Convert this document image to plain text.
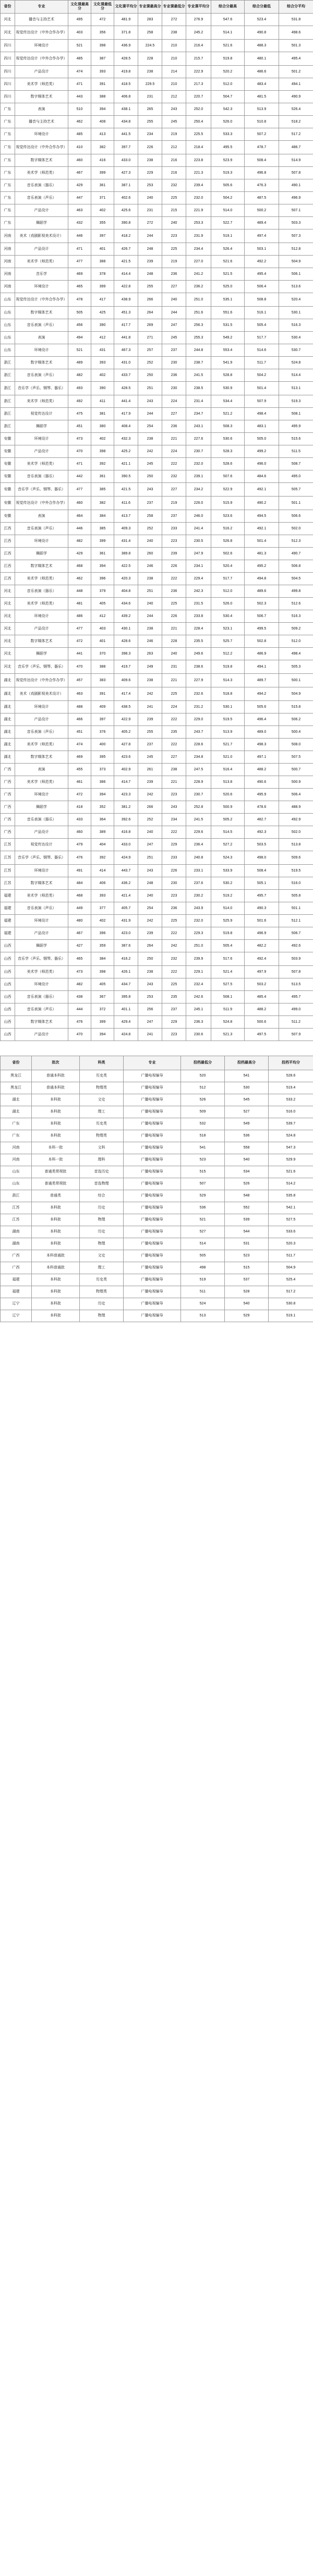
省份	专业	文化课最高分	文化课最低分	文化课平均分	专业课最高分	专业课最低分	专业课平均分	综合分最高	综合分最低	综合分平均
河北	播音与主持艺术	495	472	481.9	283	272	276.9	547.6	523.4	531.8
河北	视觉传达设计（中外合作办学）	403	356	371.8	258	238	245.2	514.1	490.8	498.6
四川	环境设计	521	398	436.9	224.5	210	216.4	521.6	488.3	501.3
四川	视觉传达设计（中外合作办学）	485	387	428.5	228	210	215.7	519.8	480.1	495.4
四川	产品设计	474	393	419.8	238	214	222.9	520.2	486.6	501.2
四川	美术学（师范类）	471	391	418.5	229.5	210	217.3	512.0	483.4	494.1
四川	数字媒体艺术	443	388	406.8	231	212	220.7	504.7	481.5	490.9
广东	表演	510	394	438.1	265	243	252.0	542.3	513.9	526.4
广东	播音与主持艺术	462	408	434.8	255	245	250.4	526.0	510.8	518.2
广东	环境设计	485	413	441.5	234	219	225.5	533.3	507.2	517.2
广东	视觉传达设计（中外合作办学）	410	382	397.7	226	212	218.4	495.5	478.7	486.7
广东	数字媒体艺术	460	416	433.0	238	216	223.8	523.9	508.4	514.9
广东	美术学（师范类）	467	399	427.3	229	216	221.3	519.3	496.8	507.8
广东	音乐表演（器乐）	429	361	387.1	253	232	239.4	505.6	476.3	490.1
广东	音乐表演（声乐）	447	371	402.6	240	225	232.0	504.2	487.5	496.9
广东	产品设计	463	402	425.6	231	215	221.9	514.0	500.2	507.1
广东	舞蹈学	432	355	390.8	272	240	253.3	522.7	489.4	503.3
河南	美术（戏剧影视美术设计）	446	397	418.2	244	223	231.9	519.1	497.4	507.3
河南	产品设计	471	401	426.7	248	225	234.4	526.4	503.1	512.8
河南	美术学（师范类）	477	388	421.5	239	219	227.0	521.6	492.2	504.9
河南	音乐学	469	378	414.4	248	236	241.2	521.5	495.4	506.1
河南	环境设计	465	399	422.8	255	227	236.2	525.0	506.4	513.6
山东	视觉传达设计（中外合作办学）	478	417	438.9	266	240	251.0	535.1	508.8	520.4
山东	数字媒体艺术	505	425	451.3	264	244	251.6	551.6	516.1	530.1
山东	音乐表演（声乐）	456	390	417.7	269	247	256.3	531.5	505.4	516.3
山东	表演	494	412	441.8	271	245	255.3	549.2	517.7	530.4
山东	环境设计	521	431	467.3	257	237	244.8	553.4	514.6	530.7
浙江	数字媒体艺术	489	393	431.0	252	230	238.7	541.9	511.7	524.8
浙江	音乐表演（声乐）	482	402	433.7	250	236	241.5	528.8	504.2	514.4
浙江	音乐学（声乐、钢琴、器乐）	493	390	428.5	251	230	238.5	530.9	501.4	513.1
浙江	美术学（师范类）	492	411	441.4	243	224	231.4	534.4	507.9	519.3
浙江	视觉传达设计	475	381	417.9	244	227	234.7	521.2	498.4	508.1
浙江	舞蹈学	451	380	408.4	254	236	243.1	508.3	483.1	495.9
安徽	环境设计	473	402	432.3	238	221	227.6	530.6	505.0	515.6
安徽	产品设计	470	398	425.2	242	224	230.7	528.3	499.2	511.5
安徽	美术学（师范类）	471	392	421.1	245	222	232.0	528.6	496.0	508.7
安徽	音乐表演（器乐）	442	361	390.5	250	232	239.1	507.6	484.6	495.0
安徽	音乐学（声乐、钢琴、器乐）	477	385	421.5	243	227	234.2	522.9	492.1	505.7
安徽	视觉传达设计（中外合作办学）	460	382	411.6	237	219	226.0	515.9	490.2	501.1
安徽	表演	464	384	413.7	258	237	246.0	523.6	494.5	506.6
江西	音乐表演（声乐）	446	385	409.3	252	233	241.4	516.2	492.1	502.0
江西	环境设计	482	399	431.4	240	223	230.5	526.8	501.4	512.3
江西	舞蹈学	429	361	389.8	260	239	247.9	502.6	481.3	490.7
江西	数字媒体艺术	468	394	422.5	246	226	234.1	520.4	495.2	506.8
江西	美术学（师范类）	462	396	420.3	238	222	229.4	517.7	494.8	504.5
河北	音乐表演（器乐）	448	379	404.8	251	236	242.3	512.0	489.6	499.8
河北	美术学（师范类）	481	405	434.6	240	225	231.5	526.0	502.3	512.6
河北	环境设计	486	412	439.2	244	226	233.8	530.4	506.7	516.3
河北	产品设计	477	403	430.1	238	221	228.4	523.1	499.5	509.2
河北	数字媒体艺术	472	401	428.6	246	228	235.5	525.7	502.8	512.0
河北	舞蹈学	441	370	398.3	263	240	249.6	512.2	486.9	498.4
河北	音乐学（声乐、钢琴、器乐）	470	388	419.7	249	231	238.6	519.8	494.1	505.3
湖北	视觉传达设计（中外合作办学）	457	383	409.6	238	221	227.9	514.3	489.7	500.1
湖北	美术（戏剧影视美术设计）	463	391	417.4	242	225	232.6	518.8	494.2	504.9
湖北	环境设计	488	409	438.5	241	224	231.2	530.1	505.6	515.8
湖北	产品设计	466	397	422.9	239	222	229.0	519.5	496.4	506.2
湖北	音乐表演（声乐）	451	376	405.2	255	235	243.7	513.9	489.0	500.4
湖北	美术学（师范类）	474	400	427.8	237	222	228.6	521.7	498.3	508.0
湖北	数字媒体艺术	469	395	423.6	245	227	234.8	521.0	497.1	507.5
广西	表演	455	373	402.9	261	238	247.5	516.4	488.2	500.7
广西	美术学（师范类）	461	386	414.7	239	221	228.9	513.8	490.6	500.9
广西	环境设计	472	394	423.3	242	223	230.7	520.6	495.9	506.4
广西	舞蹈学	418	352	381.2	266	243	252.8	500.9	478.6	488.9
广西	音乐表演（器乐）	433	364	392.6	252	234	241.5	505.2	482.7	492.9
广西	产品设计	460	389	416.8	240	222	229.6	514.5	492.3	502.0
江苏	视觉传达设计	479	404	433.0	247	229	236.4	527.2	503.5	513.8
江苏	音乐学（声乐、钢琴、器乐）	476	392	424.9	251	233	240.8	524.3	498.0	509.6
江苏	环境设计	491	414	443.7	243	226	233.1	533.9	508.4	519.5
江苏	数字媒体艺术	484	406	436.2	248	230	237.6	530.2	505.1	516.0
福建	美术学（师范类）	468	393	421.4	240	223	230.2	519.2	495.7	505.8
福建	音乐表演（声乐）	449	377	405.7	254	236	243.9	514.0	490.3	501.1
福建	环境设计	480	402	431.9	242	225	232.0	525.9	501.6	512.1
福建	产品设计	467	396	423.0	239	222	229.3	519.8	496.9	506.7
山西	舞蹈学	427	359	387.6	264	242	251.0	505.4	482.2	492.6
山西	音乐学（声乐、钢琴、器乐）	465	384	416.2	250	232	239.9	517.6	492.4	503.9
山西	美术学（师范类）	473	398	426.1	238	222	229.1	521.4	497.9	507.8
山西	环境设计	482	405	434.7	243	225	232.4	527.5	503.2	513.5
山西	音乐表演（器乐）	438	367	395.8	253	235	242.6	508.1	485.4	495.7
山西	音乐表演（声乐）	444	372	401.1	256	237	245.1	511.9	488.2	499.0
山西	数字媒体艺术	476	399	429.4	247	229	236.3	524.8	500.6	511.2
山西	产品设计	470	394	424.8	241	223	230.6	521.3	497.5	507.9
省份	批次	科类	专业	投档最低分	投档最高分	投档平均分
黑龙江	普通本科批	历史类	广播电视编导	520	541	528.6
黑龙江	普通本科批	物理类	广播电视编导	512	530	519.4
湖北	本科批	文史	广播电视编导	526	545	533.2
湖北	本科批	理工	广播电视编导	509	527	516.0
广东	本科批	历史类	广播电视编导	532	549	539.7
广东	本科批	物理类	广播电视编导	518	536	524.8
河南	本科一批	文科	广播电视编导	541	558	547.3
河南	本科一批	理科	广播电视编导	523	540	529.9
山东	普通类常规批	首选历史	广播电视编导	515	534	521.6
山东	普通类常规批	首选物理	广播电视编导	507	526	514.2
浙江	普通类	综合	广播电视编导	529	548	535.8
江苏	本科批	历史	广播电视编导	536	552	542.1
江苏	本科批	物理	广播电视编导	521	539	527.5
湖南	本科批	历史	广播电视编导	527	544	533.6
湖南	本科批	物理	广播电视编导	514	531	520.3
广西	本科普通批	文史	广播电视编导	505	523	511.7
广西	本科普通批	理工	广播电视编导	498	515	504.9
福建	本科批	历史类	广播电视编导	519	537	525.4
福建	本科批	物理类	广播电视编导	511	528	517.2
辽宁	本科批	历史	广播电视编导	524	540	530.8
辽宁	本科批	物理	广播电视编导	513	529	519.1
